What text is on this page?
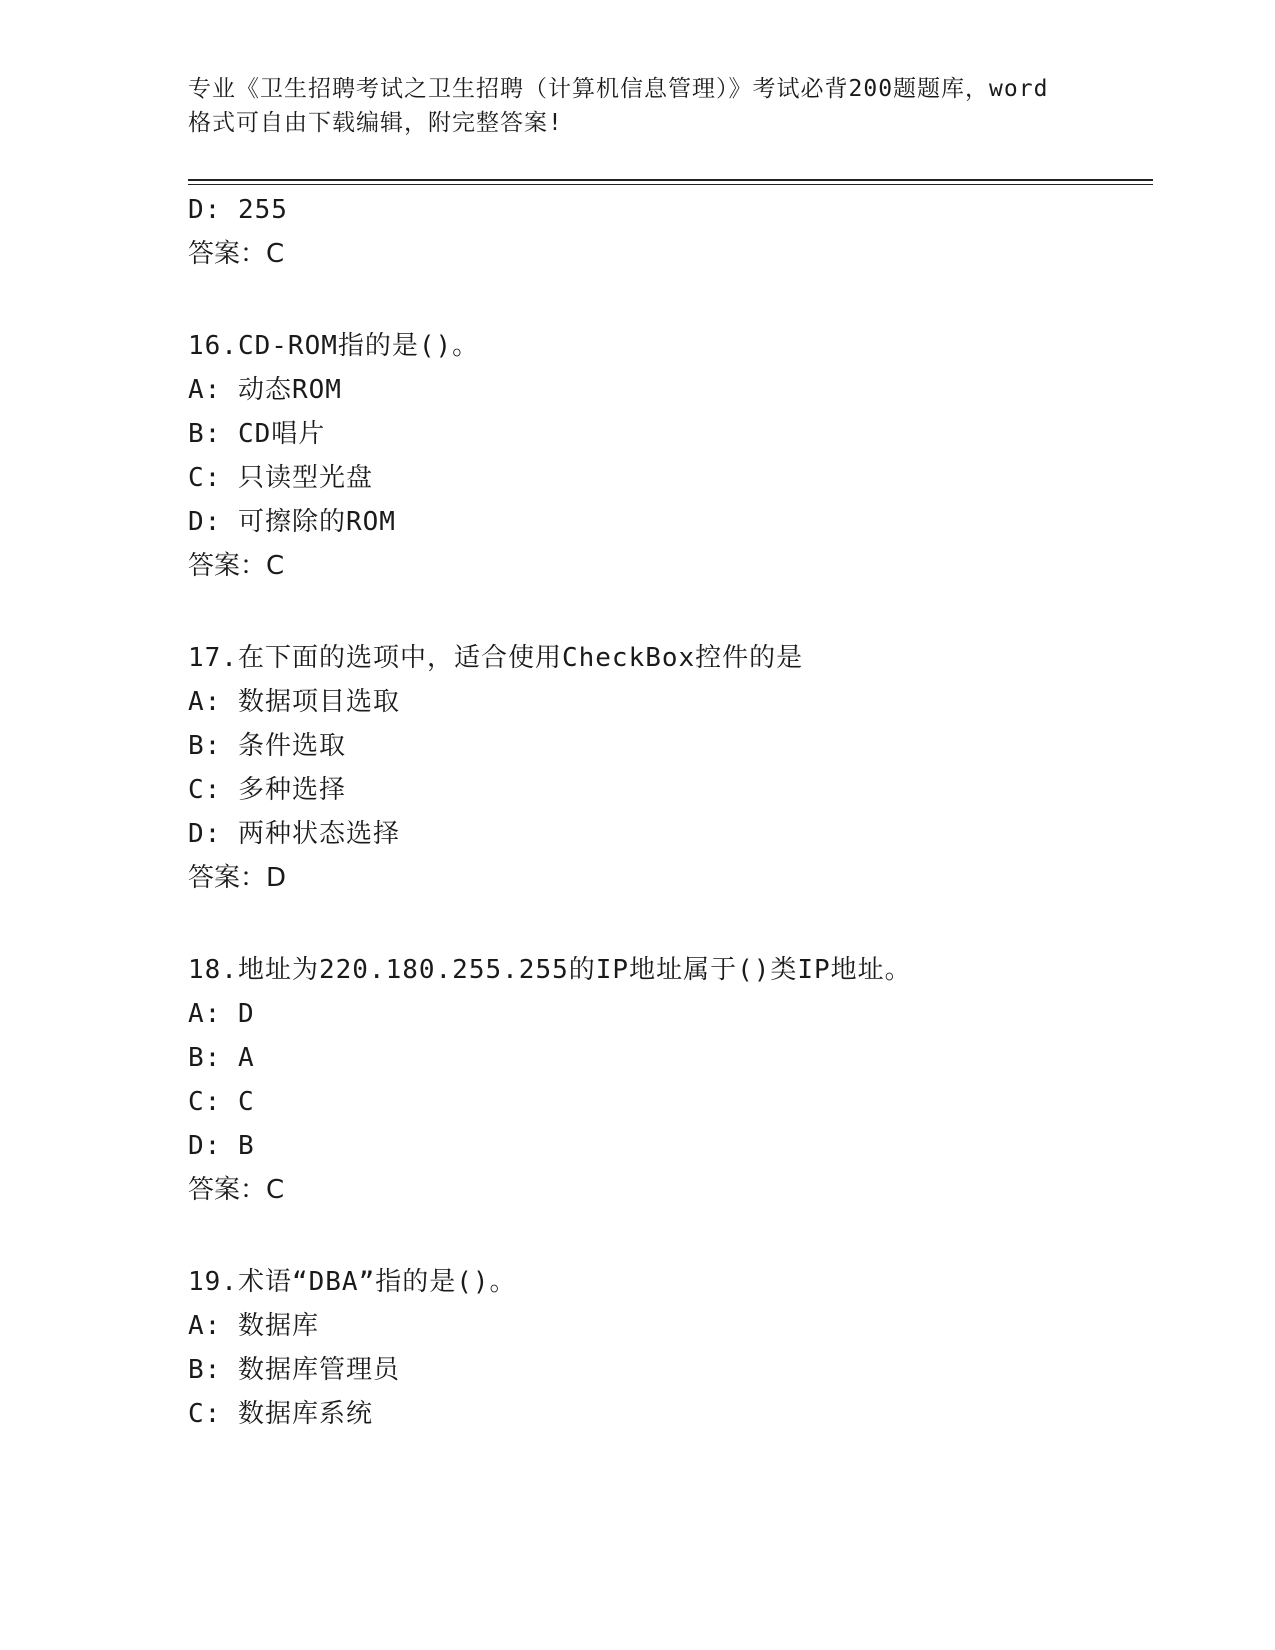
专业《卫生招聘考试之卫生招聘（计算机信息管理）》考试必背200题题库，word
格式可自由下载编辑，附完整答案!
D: 255
答案：C
16.CD-ROM指的是()。
A: 动态ROM
B: CD唱片
C: 只读型光盘
D: 可擦除的ROM
答案：C
17.在下面的选项中，适合使用CheckBox控件的是
A: 数据项目选取
B: 条件选取
C: 多种选择
D: 两种状态选择
答案：D
18.地址为220.180.255.255的IP地址属于()类IP地址。
A: D
B: A
C: C
D: B
答案：C
19.术语“DBA”指的是()。
A: 数据库
B: 数据库管理员
C: 数据库系统
